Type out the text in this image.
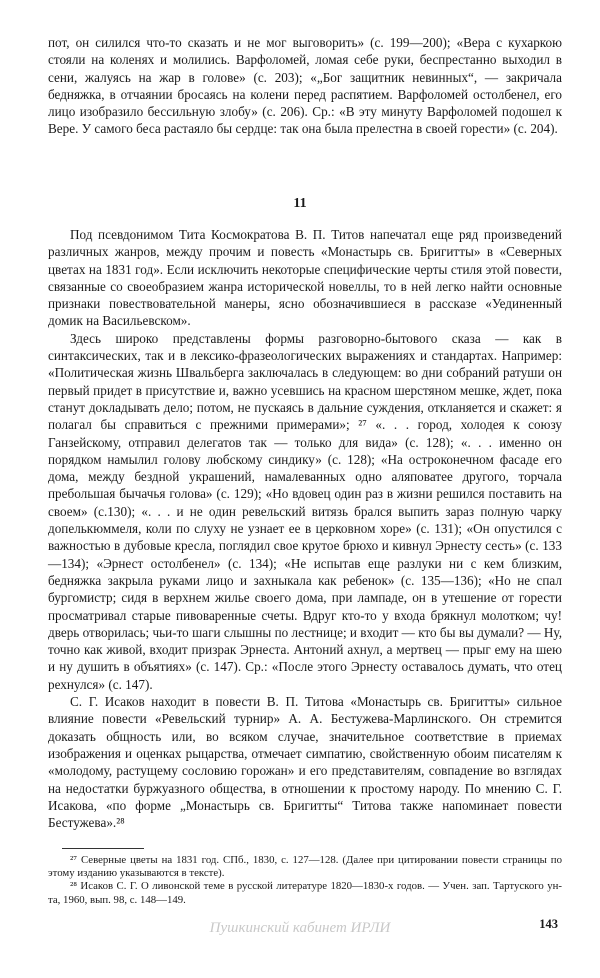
пот, он силился что-то сказать и не мог выговорить» (с. 199—200); «Вера с кухаркою стояли на коленях и молились. Варфоломей, ломая себе руки, беспрестанно выходил в сени, жалуясь на жар в голове» (с. 203); «„Бог защитник невинных“, — закричала бедняжка, в отчаянии бросаясь на колени перед распятием. Варфоломей остолбенел, его лицо изобразило бессильную злобу» (с. 206). Ср.: «В эту минуту Варфоломей подошел к Вере. У самого беса растаяло бы сердце: так она была прелестна в своей горести» (с. 204).

11

Под псевдонимом Тита Космократова В. П. Титов напечатал еще ряд произведений различных жанров, между прочим и повесть «Монастырь св. Бригитты» в «Северных цветах на 1831 год». Если исключить некоторые специфические черты стиля этой повести, связанные со своеобразием жанра исторической новеллы, то в ней легко найти основные признаки повествовательной манеры, ясно обозначившиеся в рассказе «Уединенный домик на Васильевском».

Здесь широко представлены формы разговорно-бытового сказа — как в синтаксических, так и в лексико-фразеологических выражениях и стандартах. Например: «Политическая жизнь Швальберга заключалась в следующем: во дни собраний ратуши он первый придет в присутствие и, важно усевшись на красном шерстяном мешке, ждет, пока станут докладывать дело; потом, не пускаясь в дальние суждения, откланяется и скажет: я полагал бы справиться с прежними примерами»; ²⁷ «. . . город, холодея к союзу Ганзейскому, отправил делегатов так — только для вида» (с. 128); «. . . именно он порядком намылил голову любскому синдику» (с. 128); «На остроконечном фасаде его дома, между бездной украшений, намалеванных одно аляповатее другого, торчала пребольшая бычачья голова» (с. 129); «Но вдовец один раз в жизни решился поставить на своем» (с.130); «. . . и не один ревельский витязь брался выпить зараз полную чарку допелькюммеля, коли по слуху не узнает ее в церковном хоре» (с. 131); «Он опустился с важностью в дубовые кресла, поглядил свое крутое брюхо и кивнул Эрнесту сесть» (с. 133—134); «Эрнест остолбенел» (с. 134); «Не испытав еще разлуки ни с кем близким, бедняжка закрыла руками лицо и захныкала как ребенок» (с. 135—136); «Но не спал бургомистр; сидя в верхнем жилье своего дома, при лампаде, он в утешение от горести просматривал старые пивоваренные счеты. Вдруг кто-то у входа брякнул молотком; чу! дверь отворилась; чьи-то шаги слышны по лестнице; и входит — кто бы вы думали? — Ну, точно как живой, входит призрак Эрнеста. Антоний ахнул, а мертвец — прыг ему на шею и ну душить в объятиях» (с. 147). Ср.: «После этого Эрнесту оставалось думать, что отец рехнулся» (с. 147).

С. Г. Исаков находит в повести В. П. Титова «Монастырь св. Бригитты» сильное влияние повести «Ревельский турнир» А. А. Бестужева-Марлинского. Он стремится доказать общность или, во всяком случае, значительное соответствие в приемах изображения и оценках рыцарства, отмечает симпатию, свойственную обоим писателям к «молодому, растущему сословию горожан» и его представителям, совпадение во взглядах на недостатки буржуазного общества, в отношении к простому народу. По мнению С. Г. Исакова, «по форме „Монастырь св. Бригитты“ Титова также напоминает повести Бестужева».²⁸

²⁷ Северные цветы на 1831 год. СПб., 1830, с. 127—128. (Далее при цитировании повести страницы по этому изданию указываются в тексте).

²⁸ Исаков С. Г. О ливонской теме в русской литературе 1820—1830-х годов. — Учен. зап. Тартуского ун-та, 1960, вып. 98, с. 148—149.

Пушкинский кабинет ИРЛИ	143
